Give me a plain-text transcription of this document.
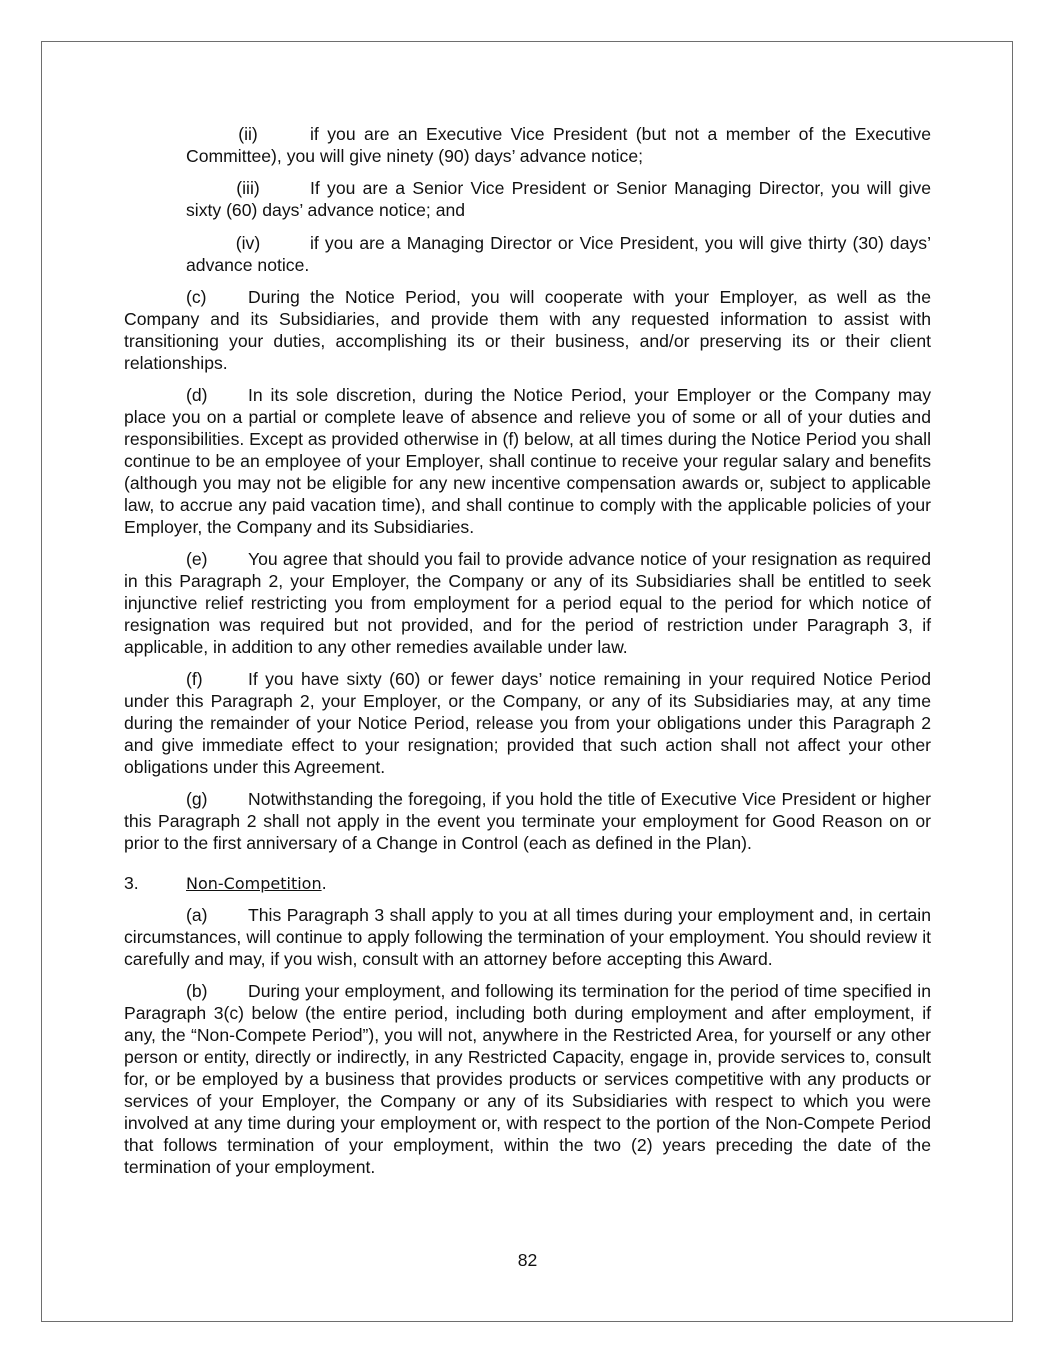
(ii)	if you are an Executive Vice President (but not a member of the Executive Committee), you will give ninety (90) days’ advance notice;

(iii)	If you are a Senior Vice President or Senior Managing Director, you will give sixty (60) days’ advance notice; and

(iv)	if you are a Managing Director or Vice President, you will give thirty (30) days’ advance notice.

(c) During the Notice Period, you will cooperate with your Employer, as well as the Company and its Subsidiaries, and provide them with any requested information to assist with transitioning your duties, accomplishing its or their business, and/or preserving its or their client relationships.

(d) In its sole discretion, during the Notice Period, your Employer or the Company may place you on a partial or complete leave of absence and relieve you of some or all of your duties and responsibilities. Except as provided otherwise in (f) below, at all times during the Notice Period you shall continue to be an employee of your Employer, shall continue to receive your regular salary and benefits (although you may not be eligible for any new incentive compensation awards or, subject to applicable law, to accrue any paid vacation time), and shall continue to comply with the applicable policies of your Employer, the Company and its Subsidiaries.

(e) You agree that should you fail to provide advance notice of your resignation as required in this Paragraph 2, your Employer, the Company or any of its Subsidiaries shall be entitled to seek injunctive relief restricting you from employment for a period equal to the period for which notice of resignation was required but not provided, and for the period of restriction under Paragraph 3, if applicable, in addition to any other remedies available under law.

(f)	If you have sixty (60) or fewer days’ notice remaining in your required Notice Period under this Paragraph 2, your Employer, or the Company, or any of its Subsidiaries may, at any time during the remainder of your Notice Period, release you from your obligations under this Paragraph 2 and give immediate effect to your resignation; provided that such action shall not affect your other obligations under this Agreement.

(g) Notwithstanding the foregoing, if you hold the title of Executive Vice President or higher this Paragraph 2 shall not apply in the event you terminate your employment for Good Reason on or prior to the first anniversary of a Change in Control (each as defined in the Plan).

3.	Non-Competition.

(a) This Paragraph 3 shall apply to you at all times during your employment and, in certain circumstances, will continue to apply following the termination of your employment. You should review it carefully and may, if you wish, consult with an attorney before accepting this Award.

(b) During your employment, and following its termination for the period of time specified in Paragraph 3(c) below (the entire period, including both during employment and after employment, if any, the “Non-Compete Period”), you will not, anywhere in the Restricted Area, for yourself or any other person or entity, directly or indirectly, in any Restricted Capacity, engage in, provide services to, consult for, or be employed by a business that provides products or services competitive with any products or services of your Employer, the Company or any of its Subsidiaries with respect to which you were involved at any time during your employment or, with respect to the portion of the Non-Compete Period that follows termination of your employment, within the two (2) years preceding the date of the termination of your employment.

82
